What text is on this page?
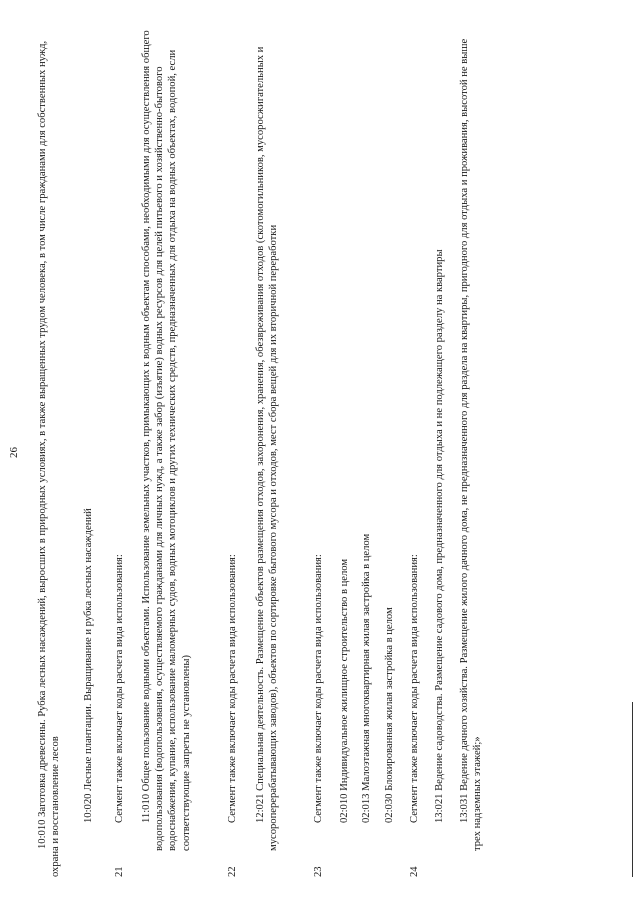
26 10:010 Заготовка древесины. Рубка лесных насаждений, выросших в природных условиях, в также выращенных трудом человека, в том числе гражданами для собственных нужд, охрана и восстановление лесов 10:020 Лесные плантации. Выращивание и рубка лесных насаждений
21
Сегмент также включает коды расчета вида использования: 11:010 Общее пользование водными объектами. Использование земельных участков, примыкающих к водным объектам способами, необходимыми для осуществления общего водопользования (водопользования, осуществляемого гражданами для личных нужд, а также забор (изъятие) водных ресурсов для целей питьевого и хозяйственно-бытового водоснабжения, купание, использование маломерных судов, водных мотоциклов и других технических средств, предназначенных для отдыха на водных объектах, водопой, если соответствующие запреты не установлены)
22
Сегмент также включает коды расчета вида использования: 12:021 Специальная деятельность. Размещение объектов размещения отходов, захоронения, хранения, обезвреживания отходов (скотомогильников, мусоросжигательных и мусороперерабатывающих заводов), объектов по сортировке бытового мусора и отходов, мест сбора вещей для их вторичной переработки
23
Сегмент также включает коды расчета вида использования: 02:010 Индивидуальное жилищное строительство в целом 02:013 Малоэтажная многоквартирная жилая застройка в целом 02:030 Блокированная жилая застройка в целом
24
Сегмент также включает коды расчета вида использования: 13:021 Ведение садоводства. Размещение садового дома, предназначенного для отдыха и не подлежащего разделу на квартиры 13:031 Ведение дачного хозяйства. Размещение жилого дачного дома, не предназначенного для раздела на квартиры, пригодного для отдыха и проживания, высотой не выше трех надземных этажей;»
